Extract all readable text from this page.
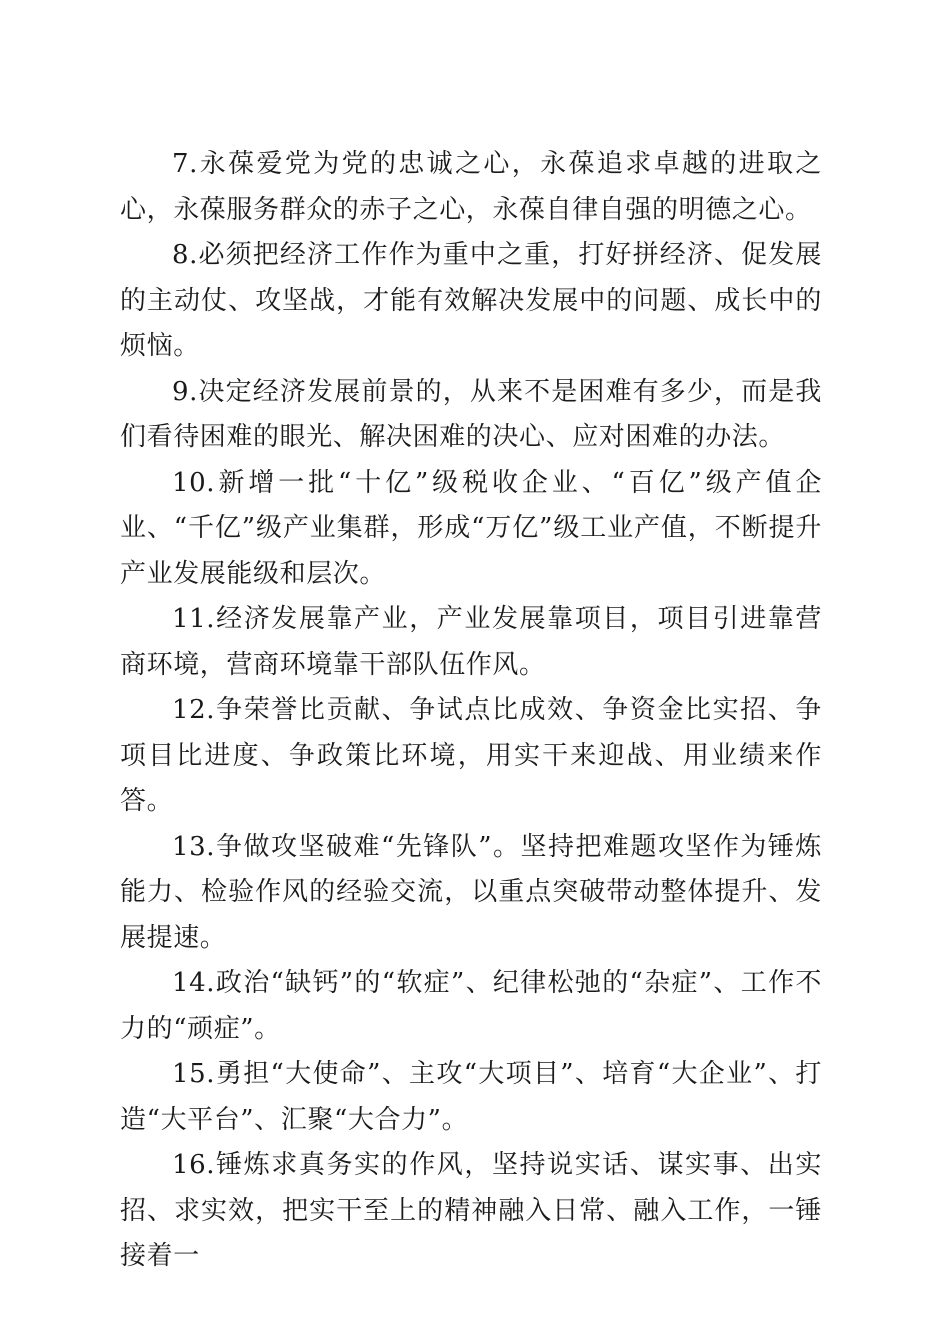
7.永葆爱党为党的忠诚之心，永葆追求卓越的进取之心，永葆服务群众的赤子之心，永葆自律自强的明德之心。

8.必须把经济工作作为重中之重，打好拼经济、促发展的主动仗、攻坚战，才能有效解决发展中的问题、成长中的烦恼。

9.决定经济发展前景的，从来不是困难有多少，而是我们看待困难的眼光、解决困难的决心、应对困难的办法。

10.新增一批“十亿”级税收企业、“百亿”级产值企业、“千亿”级产业集群，形成“万亿”级工业产值，不断提升产业发展能级和层次。

11.经济发展靠产业，产业发展靠项目，项目引进靠营商环境，营商环境靠干部队伍作风。

12.争荣誉比贡献、争试点比成效、争资金比实招、争项目比进度、争政策比环境，用实干来迎战、用业绩来作答。

13.争做攻坚破难“先锋队”。坚持把难题攻坚作为锤炼能力、检验作风的经验交流，以重点突破带动整体提升、发展提速。

14.政治“缺钙”的“软症”、纪律松弛的“杂症”、工作不力的“顽症”。

15.勇担“大使命”、主攻“大项目”、培育“大企业”、打造“大平台”、汇聚“大合力”。

16.锤炼求真务实的作风，坚持说实话、谋实事、出实招、求实效，把实干至上的精神融入日常、融入工作，一锤接着一
